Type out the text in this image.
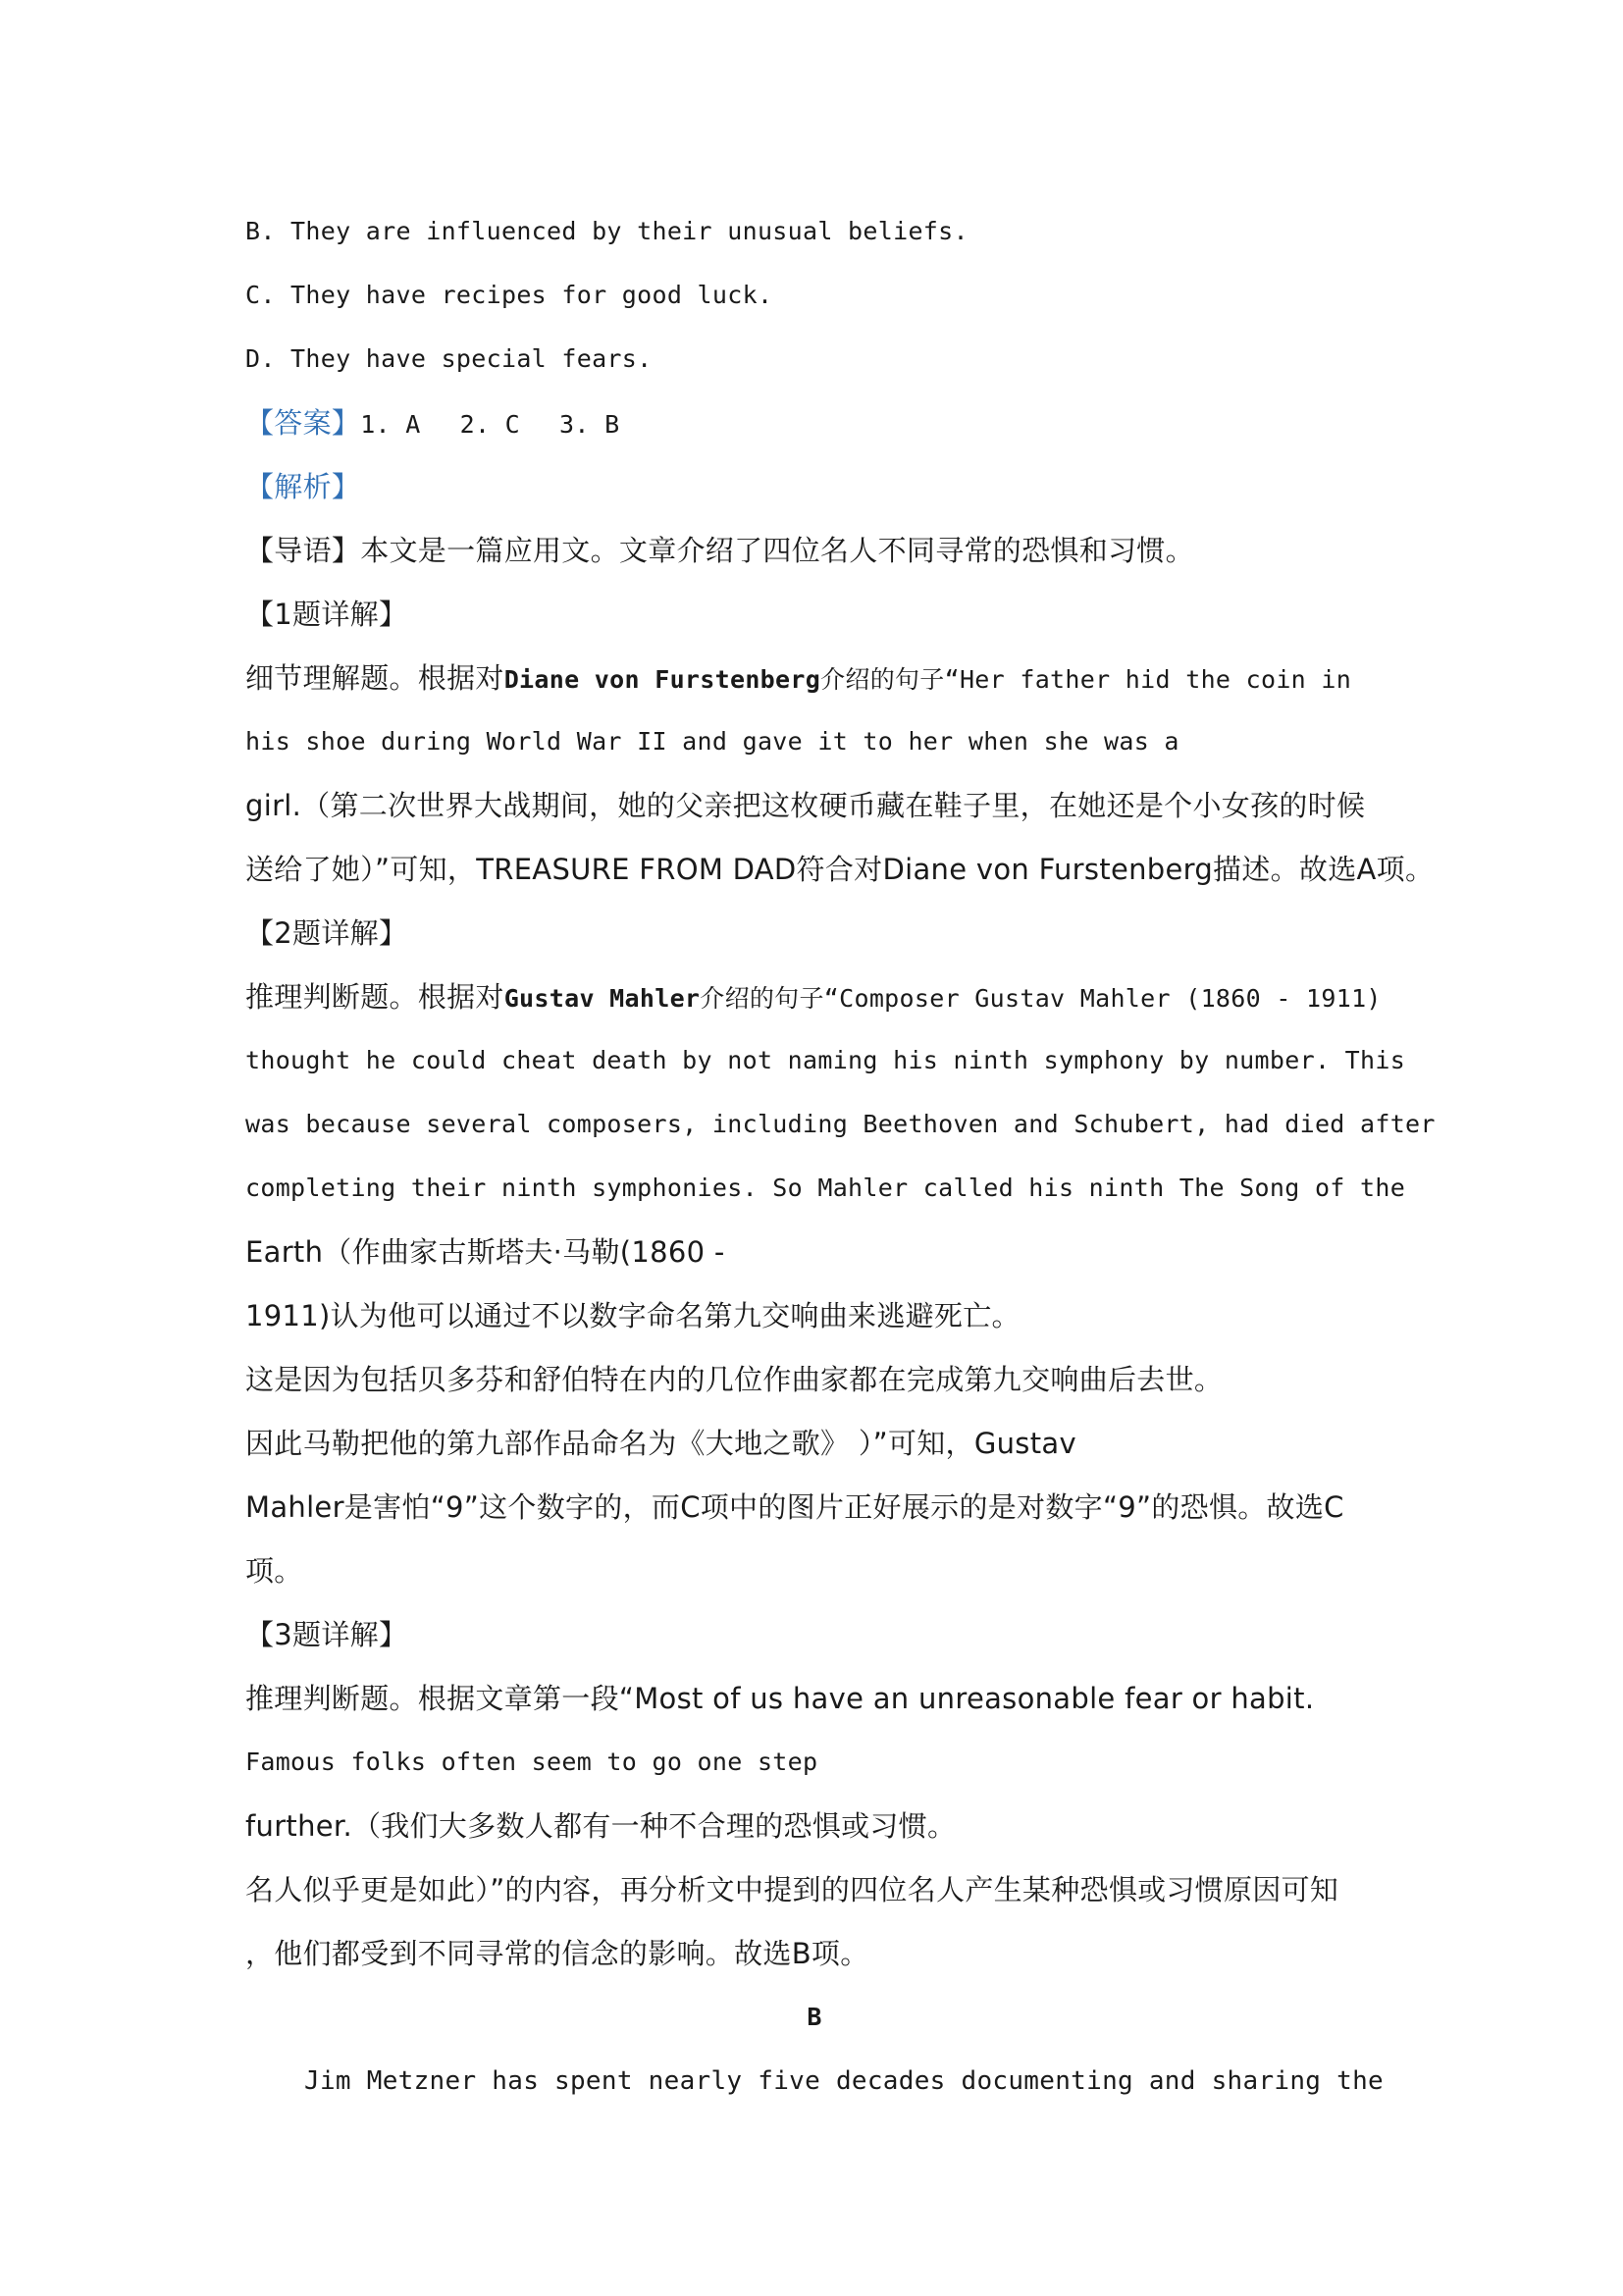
B. They are influenced by their unusual beliefs.
C. They have recipes for good luck.
D. They have special fears.
【答案】1. A 2. C 3. B
【解析】
【导语】本文是一篇应用文。文章介绍了四位名人不同寻常的恐惧和习惯。
【1题详解】
细节理解题。根据对Diane von Furstenberg介绍的句子“Her father hid the coin in
his shoe during World War II and gave it to her when she was a
girl.（第二次世界大战期间，她的父亲把这枚硬币藏在鞋子里，在她还是个小女孩的时候
送给了她）”可知，TREASURE FROM DAD符合对Diane von Furstenberg描述。故选A项。
【2题详解】
推理判断题。根据对Gustav Mahler介绍的句子“Composer Gustav Mahler (1860 - 1911)
thought he could cheat death by not naming his ninth symphony by number. This
was because several composers, including Beethoven and Schubert, had died after
completing their ninth symphonies. So Mahler called his ninth The Song of the
Earth（作曲家古斯塔夫·马勒(1860 -
1911)认为他可以通过不以数字命名第九交响曲来逃避死亡。
这是因为包括贝多芬和舒伯特在内的几位作曲家都在完成第九交响曲后去世。
因此马勒把他的第九部作品命名为《大地之歌》 ）”可知，Gustav
Mahler是害怕“9”这个数字的，而C项中的图片正好展示的是对数字“9”的恐惧。故选C
项。
【3题详解】
推理判断题。根据文章第一段“Most of us have an unreasonable fear or habit.
Famous folks often seem to go one step
further.（我们大多数人都有一种不合理的恐惧或习惯。
名人似乎更是如此）”的内容，再分析文中提到的四位名人产生某种恐惧或习惯原因可知
，他们都受到不同寻常的信念的影响。故选B项。
B
Jim Metzner has spent nearly five decades documenting and sharing the
